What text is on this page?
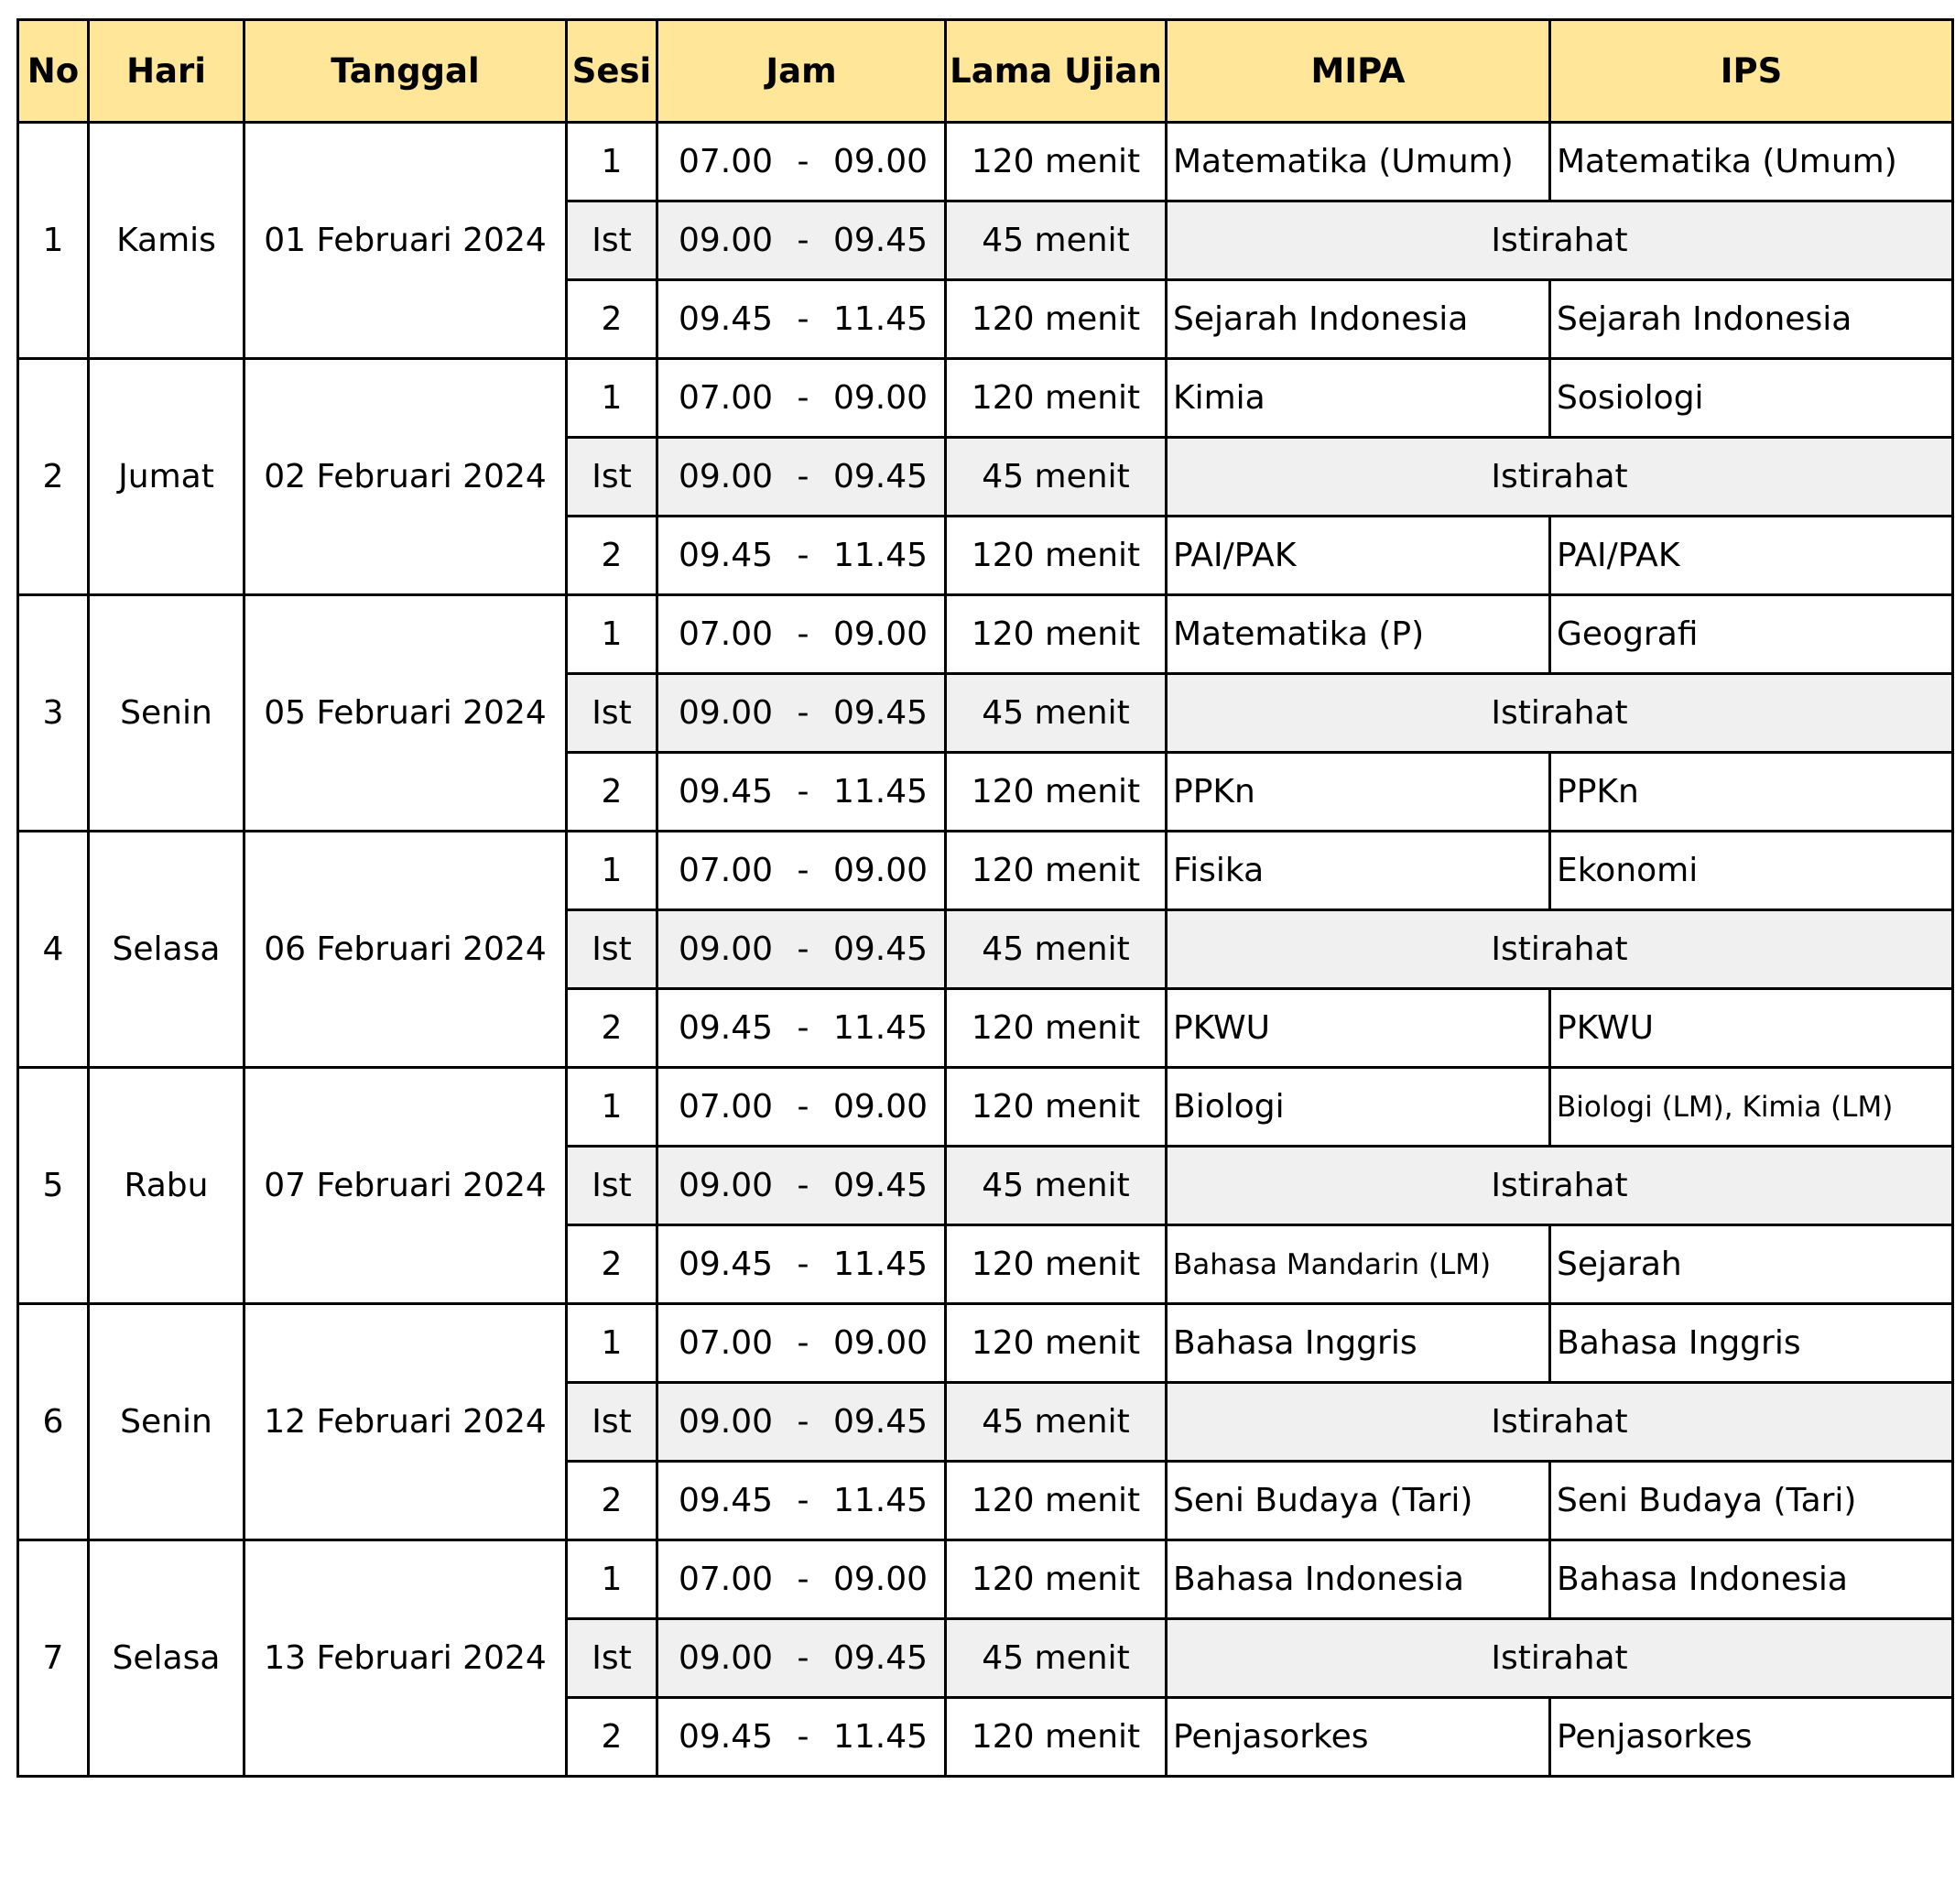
No	Hari	Tanggal	Sesi	Jam	Lama Ujian	MIPA	IPS
1	Kamis	01 Februari 2024	1	07.00 - 09.00	120 menit	Matematika (Umum)	Matematika (Umum)
			Ist	09.00 - 09.45	45 menit	Istirahat	
			2	09.45 - 11.45	120 menit	Sejarah Indonesia	Sejarah Indonesia
2	Jumat	02 Februari 2024	1	07.00 - 09.00	120 menit	Kimia	Sosiologi
			Ist	09.00 - 09.45	45 menit	Istirahat	
			2	09.45 - 11.45	120 menit	PAI/PAK	PAI/PAK
3	Senin	05 Februari 2024	1	07.00 - 09.00	120 menit	Matematika (P)	Geografi
			Ist	09.00 - 09.45	45 menit	Istirahat	
			2	09.45 - 11.45	120 menit	PPKn	PPKn
4	Selasa	06 Februari 2024	1	07.00 - 09.00	120 menit	Fisika	Ekonomi
			Ist	09.00 - 09.45	45 menit	Istirahat	
			2	09.45 - 11.45	120 menit	PKWU	PKWU
5	Rabu	07 Februari 2024	1	07.00 - 09.00	120 menit	Biologi	Biologi (LM), Kimia (LM)
			Ist	09.00 - 09.45	45 menit	Istirahat	
			2	09.45 - 11.45	120 menit	Bahasa Mandarin (LM)	Sejarah
6	Senin	12 Februari 2024	1	07.00 - 09.00	120 menit	Bahasa Inggris	Bahasa Inggris
			Ist	09.00 - 09.45	45 menit	Istirahat	
			2	09.45 - 11.45	120 menit	Seni Budaya (Tari)	Seni Budaya (Tari)
7	Selasa	13 Februari 2024	1	07.00 - 09.00	120 menit	Bahasa Indonesia	Bahasa Indonesia
			Ist	09.00 - 09.45	45 menit	Istirahat	
			2	09.45 - 11.45	120 menit	Penjasorkes	Penjasorkes
